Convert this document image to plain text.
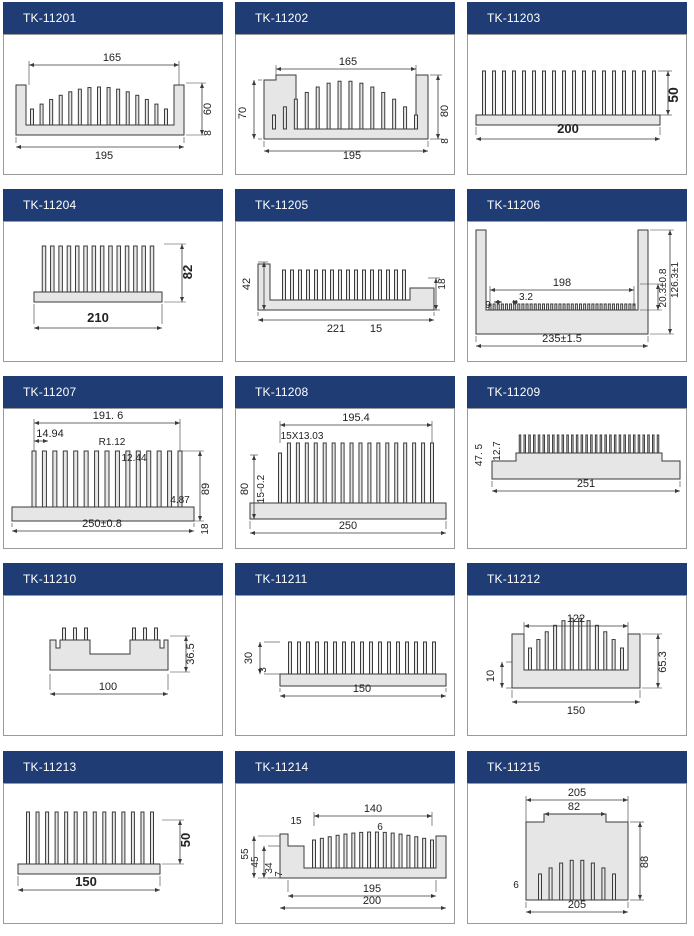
TK-11201
165
60
8
195
TK-11202
165
70	80
8
195
TK-11203
50
200
TK-11204
82
210
TK-11205
42	18
221 15
TK-11206
198
9
3.2	20.3±0.8 126.3±1
235±1.5
TK-11207
191. 6
14.94
R1.12
12.44
89
4.87
18
250±0.8
TK-11208
195.4
15X13.03
80 15-0.2
250
TK-11209
47. 5 12.7
251
TK-11210
36.5
100
TK-11211
30
3
150
TK-11212
122
10
65.3
150
TK-11213
50
150
TK-11214
140
15
6
55
45
34
7
195
200
TK-11215
205
82
88
6
205
